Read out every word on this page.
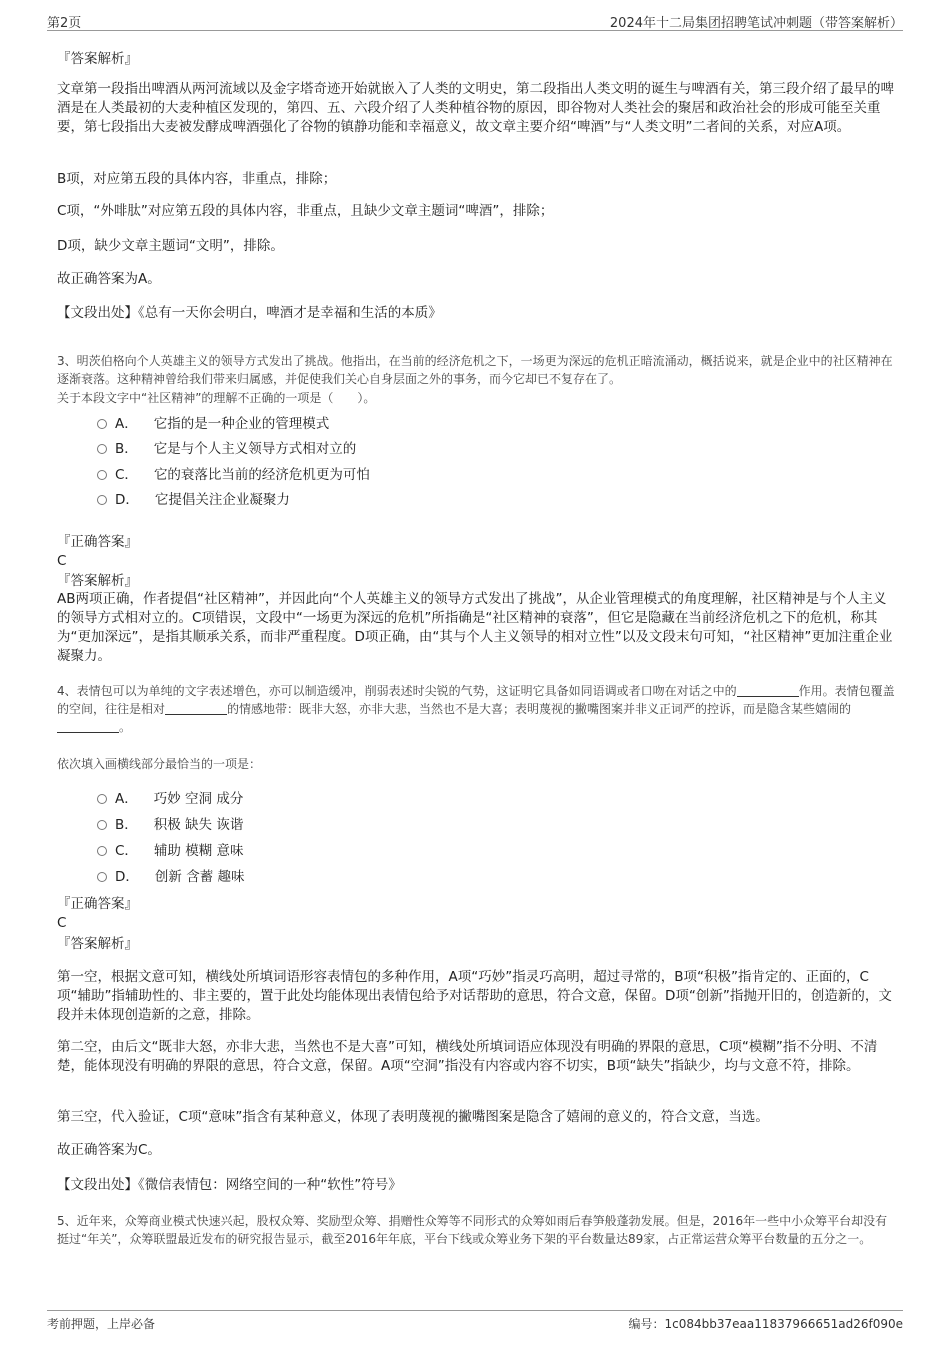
第2页	2024年十二局集团招聘笔试冲刺题（带答案解析）
『答案解析』
文章第一段指出啤酒从两河流域以及金字塔奇迹开始就嵌入了人类的文明史，第二段指出人类文明的诞生与啤酒有关，第三段介绍了最早的啤酒是在人类最初的大麦种植区发现的，第四、五、六段介绍了人类种植谷物的原因，即谷物对人类社会的聚居和政治社会的形成可能至关重要，第七段指出大麦被发酵成啤酒强化了谷物的镇静功能和幸福意义，故文章主要介绍“啤酒”与“人类文明”二者间的关系，对应A项。
B项，对应第五段的具体内容，非重点，排除；
C项，“外啡肽”对应第五段的具体内容，非重点，且缺少文章主题词“啤酒”，排除；
D项，缺少文章主题词“文明”，排除。
故正确答案为A。
【文段出处】《总有一天你会明白，啤酒才是幸福和生活的本质》
3、明茨伯格向个人英雄主义的领导方式发出了挑战。他指出，在当前的经济危机之下，一场更为深远的危机正暗流涌动，概括说来，就是企业中的社区精神在逐渐衰落。这种精神曾给我们带来归属感，并促使我们关心自身层面之外的事务，而今它却已不复存在了。
关于本段文字中“社区精神”的理解不正确的一项是（　　）。
A． 它指的是一种企业的管理模式
B． 它是与个人主义领导方式相对立的
C． 它的衰落比当前的经济危机更为可怕
D． 它提倡关注企业凝聚力
『正确答案』
C
『答案解析』
AB两项正确，作者提倡“社区精神”，并因此向“个人英雄主义的领导方式发出了挑战”，从企业管理模式的角度理解，社区精神是与个人主义的领导方式相对立的。C项错误，文段中“一场更为深远的危机”所指确是“社区精神的衰落”，但它是隐藏在当前经济危机之下的危机，称其为“更加深远”，是指其顺承关系，而非严重程度。D项正确，由“其与个人主义领导的相对立性”以及文段末句可知，“社区精神”更加注重企业凝聚力。
4、表情包可以为单纯的文字表述增色，亦可以制造缓冲，削弱表述时尖锐的气势，这证明它具备如同语调或者口吻在对话之中的	作用。表情包覆盖的空间，往往是相对	的情感地带：既非大怒，亦非大悲，当然也不是大喜；表明蔑视的撇嘴图案并非义正词严的控诉，而是隐含某些嬉闹的。
依次填入画横线部分最恰当的一项是：
A． 巧妙 空洞 成分
B． 积极 缺失 诙谐
C． 辅助 模糊 意味
D． 创新 含蓄 趣味
『正确答案』
C
『答案解析』
第一空，根据文意可知，横线处所填词语形容表情包的多种作用，A项“巧妙”指灵巧高明，超过寻常的，B项“积极”指肯定的、正面的，C项“辅助”指辅助性的、非主要的，置于此处均能体现出表情包给予对话帮助的意思，符合文意，保留。D项“创新”指抛开旧的，创造新的，文段并未体现创造新的之意，排除。
第二空，由后文“既非大怒，亦非大悲，当然也不是大喜”可知，横线处所填词语应体现没有明确的界限的意思，C项“模糊”指不分明、不清楚，能体现没有明确的界限的意思，符合文意，保留。A项“空洞”指没有内容或内容不切实，B项“缺失”指缺少，均与文意不符，排除。
第三空，代入验证，C项“意味”指含有某种意义，体现了表明蔑视的撇嘴图案是隐含了嬉闹的意义的，符合文意，当选。
故正确答案为C。
【文段出处】《微信表情包：网络空间的一种“软性”符号》
5、近年来，众筹商业模式快速兴起，股权众筹、奖励型众筹、捐赠性众筹等不同形式的众筹如雨后春笋般蓬勃发展。但是，2016年一些中小众筹平台却没有挺过“年关”，众筹联盟最近发布的研究报告显示，截至2016年年底，平台下线或众筹业务下架的平台数量达89家，占正常运营众筹平台数量的五分之一。
考前押题，上岸必备	编号：1c084bb37eaa11837966651ad26f090e
